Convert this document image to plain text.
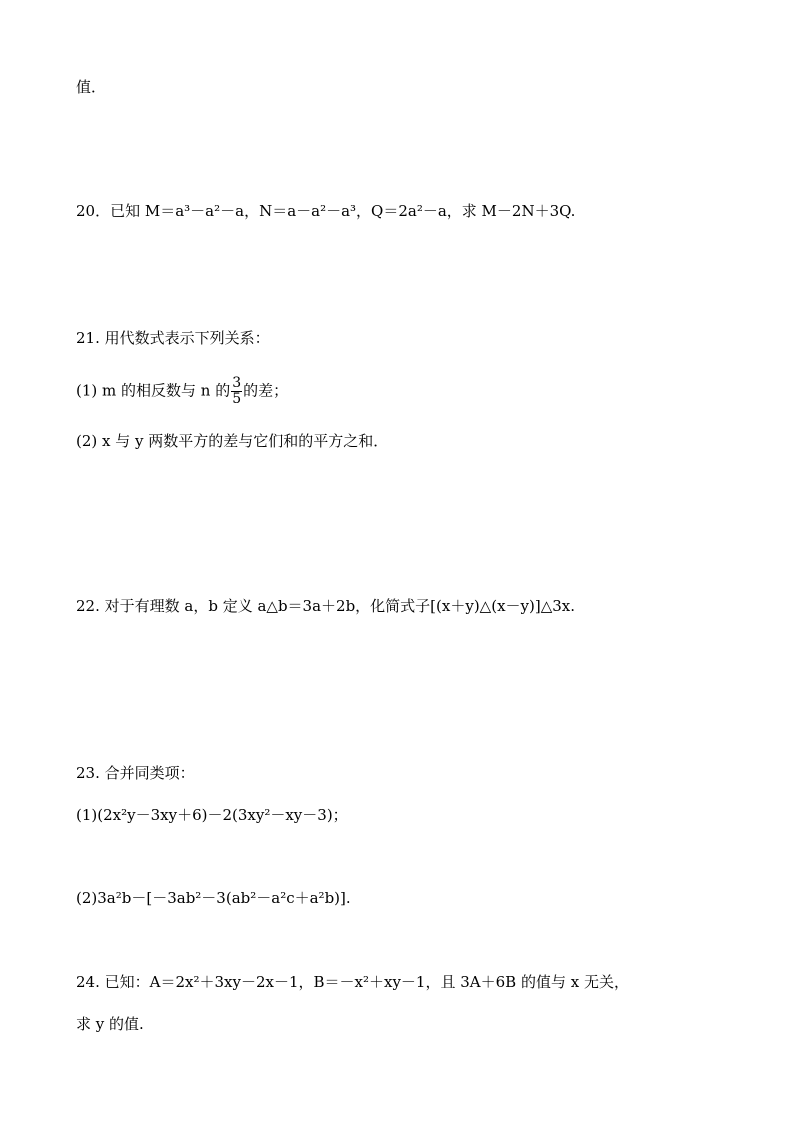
值．
20．已知 M＝a³－a²－a，N＝a－a²－a³，Q＝2a²－a，求 M－2N＋3Q.
21. 用代数式表示下列关系：
(1) m 的相反数与 n 的 $\frac{3}{5}$ 的差；
(2) x 与 y 两数平方的差与它们和的平方之和．
22. 对于有理数 a，b 定义 a△b＝3a＋2b，化简式子[(x＋y)△(x－y)]△3x.
23. 合并同类项：
(1)(2x²y－3xy＋6)－2(3xy²－xy－3)；
(2)3a²b－[－3ab²－3(ab²－a²c＋a²b)].
24. 已知：A＝2x²＋3xy－2x－1，B＝－x²＋xy－1，且 3A＋6B 的值与 x 无关，
求 y 的值.
